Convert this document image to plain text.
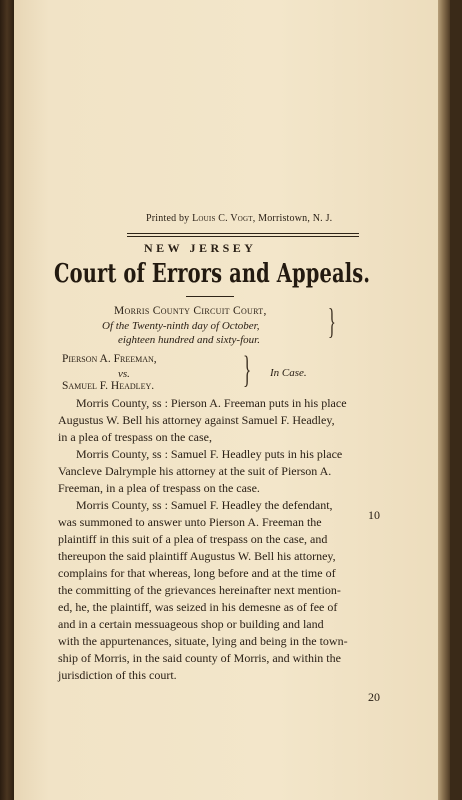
Printed by Louis C. Vogt, Morristown, N. J.
NEW JERSEY
Court of Errors and Appeals.
Morris County Circuit Court,
Of the Twenty-ninth day of October,
eighteen hundred and sixty-four. }
Pierson A. Freeman,
vs.
Samuel F. Headley. } In Case.
Morris County, ss : Pierson A. Freeman puts in his place
Augustus W. Bell his attorney against Samuel F. Headley,
in a plea of trespass on the case,
Morris County, ss : Samuel F. Headley puts in his place
Vancleve Dalrymple his attorney at the suit of Pierson A.
Freeman, in a plea of trespass on the case.
Morris County, ss : Samuel F. Headley the defendant,
was summoned to answer unto Pierson A. Freeman the
plaintiff in this suit of a plea of trespass on the case, and
thereupon the said plaintiff Augustus W. Bell his attorney,
complains for that whereas, long before and at the time of
the committing of the grievances hereinafter next mention-
ed, he, the plaintiff, was seized in his demesne as of fee of
and in a certain messuageous shop or building and land
with the appurtenances, situate, lying and being in the town-
ship of Morris, in the said county of Morris, and within the
jurisdiction of this court.
10
20
